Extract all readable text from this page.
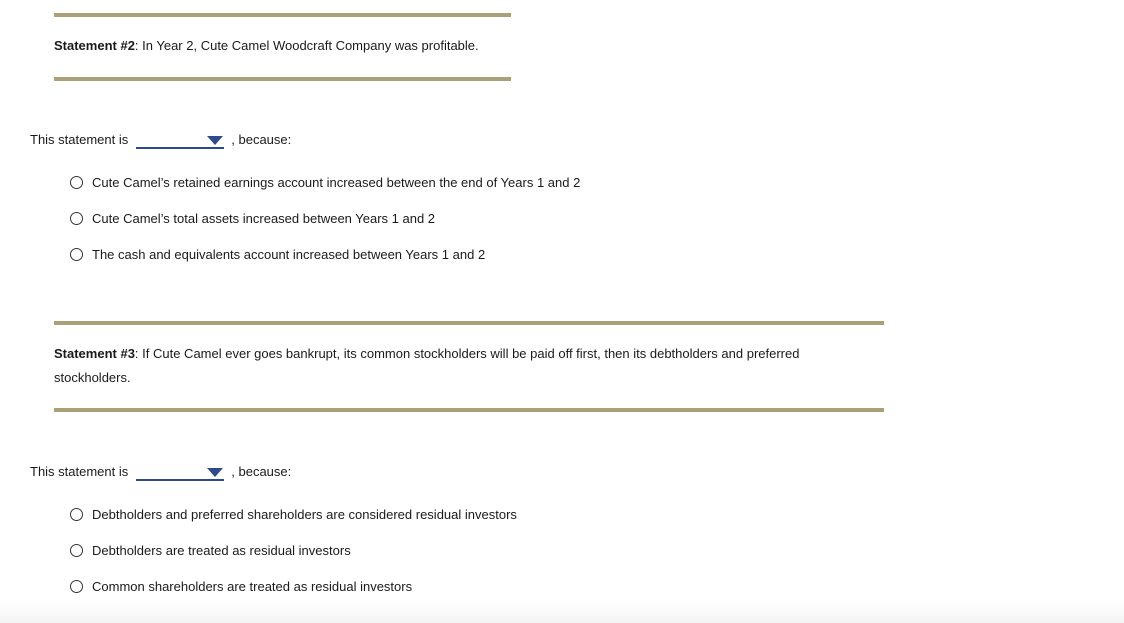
Statement #2: In Year 2, Cute Camel Woodcraft Company was profitable.
This statement is	, because:
Cute Camel’s retained earnings account increased between the end of Years 1 and 2
Cute Camel’s total assets increased between Years 1 and 2
The cash and equivalents account increased between Years 1 and 2
Statement #3: If Cute Camel ever goes bankrupt, its common stockholders will be paid off first, then its debtholders and preferred
stockholders.
This statement is	, because:
Debtholders and preferred shareholders are considered residual investors
Debtholders are treated as residual investors
Common shareholders are treated as residual investors
